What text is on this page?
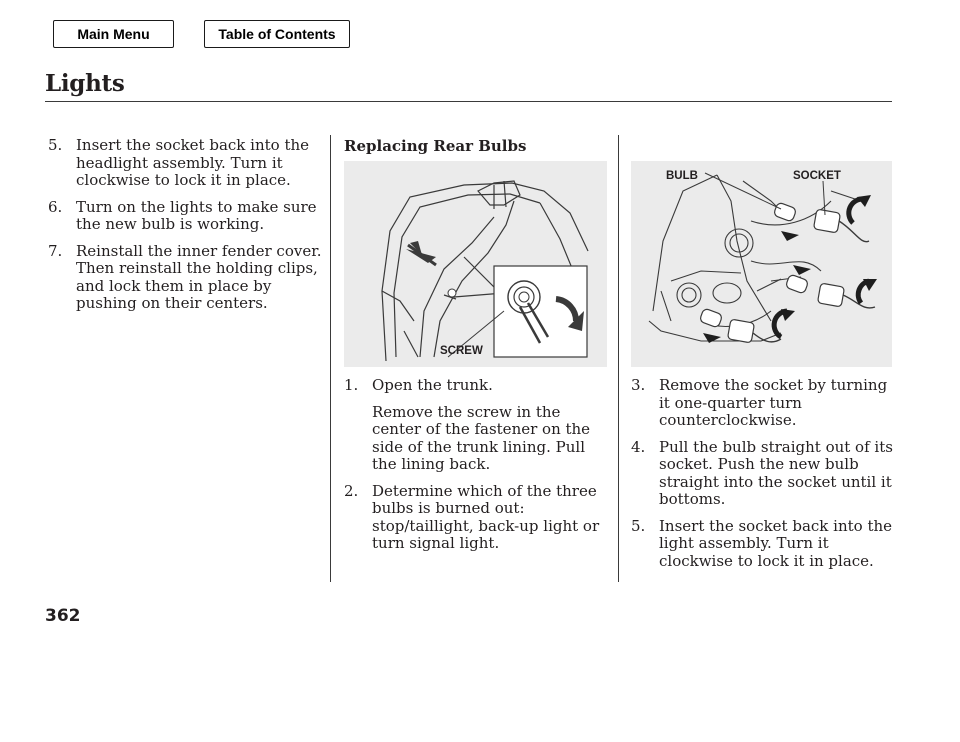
Main Menu	Table of Contents
Lights
5. Insert the socket back into the headlight assembly. Turn it clockwise to lock it in place.
6. Turn on the lights to make sure the new bulb is working.
7. Reinstall the inner fender cover. Then reinstall the holding clips, and lock them in place by pushing on their centers.
Replacing Rear Bulbs
SCREW
BULB	SOCKET
1. Open the trunk.
Remove the screw in the center of the fastener on the side of the trunk lining. Pull the lining back.
2. Determine which of the three bulbs is burned out: stop/taillight, back-up light or turn signal light.
3. Remove the socket by turning it one-quarter turn counterclockwise.
4. Pull the bulb straight out of its socket. Push the new bulb straight into the socket until it bottoms.
5. Insert the socket back into the light assembly. Turn it clockwise to lock it in place.
362
